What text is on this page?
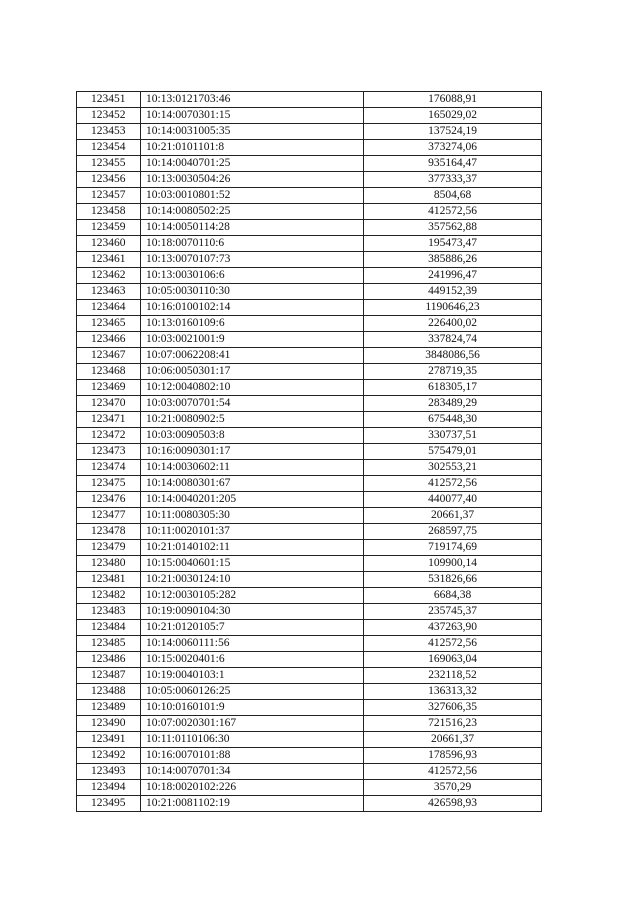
123451	10:13:0121703:46	176088,91
123452	10:14:0070301:15	165029,02
123453	10:14:0031005:35	137524,19
123454	10:21:0101101:8	373274,06
123455	10:14:0040701:25	935164,47
123456	10:13:0030504:26	377333,37
123457	10:03:0010801:52	8504,68
123458	10:14:0080502:25	412572,56
123459	10:14:0050114:28	357562,88
123460	10:18:0070110:6	195473,47
123461	10:13:0070107:73	385886,26
123462	10:13:0030106:6	241996,47
123463	10:05:0030110:30	449152,39
123464	10:16:0100102:14	1190646,23
123465	10:13:0160109:6	226400,02
123466	10:03:0021001:9	337824,74
123467	10:07:0062208:41	3848086,56
123468	10:06:0050301:17	278719,35
123469	10:12:0040802:10	618305,17
123470	10:03:0070701:54	283489,29
123471	10:21:0080902:5	675448,30
123472	10:03:0090503:8	330737,51
123473	10:16:0090301:17	575479,01
123474	10:14:0030602:11	302553,21
123475	10:14:0080301:67	412572,56
123476	10:14:0040201:205	440077,40
123477	10:11:0080305:30	20661,37
123478	10:11:0020101:37	268597,75
123479	10:21:0140102:11	719174,69
123480	10:15:0040601:15	109900,14
123481	10:21:0030124:10	531826,66
123482	10:12:0030105:282	6684,38
123483	10:19:0090104:30	235745,37
123484	10:21:0120105:7	437263,90
123485	10:14:0060111:56	412572,56
123486	10:15:0020401:6	169063,04
123487	10:19:0040103:1	232118,52
123488	10:05:0060126:25	136313,32
123489	10:10:0160101:9	327606,35
123490	10:07:0020301:167	721516,23
123491	10:11:0110106:30	20661,37
123492	10:16:0070101:88	178596,93
123493	10:14:0070701:34	412572,56
123494	10:18:0020102:226	3570,29
123495	10:21:0081102:19	426598,93
